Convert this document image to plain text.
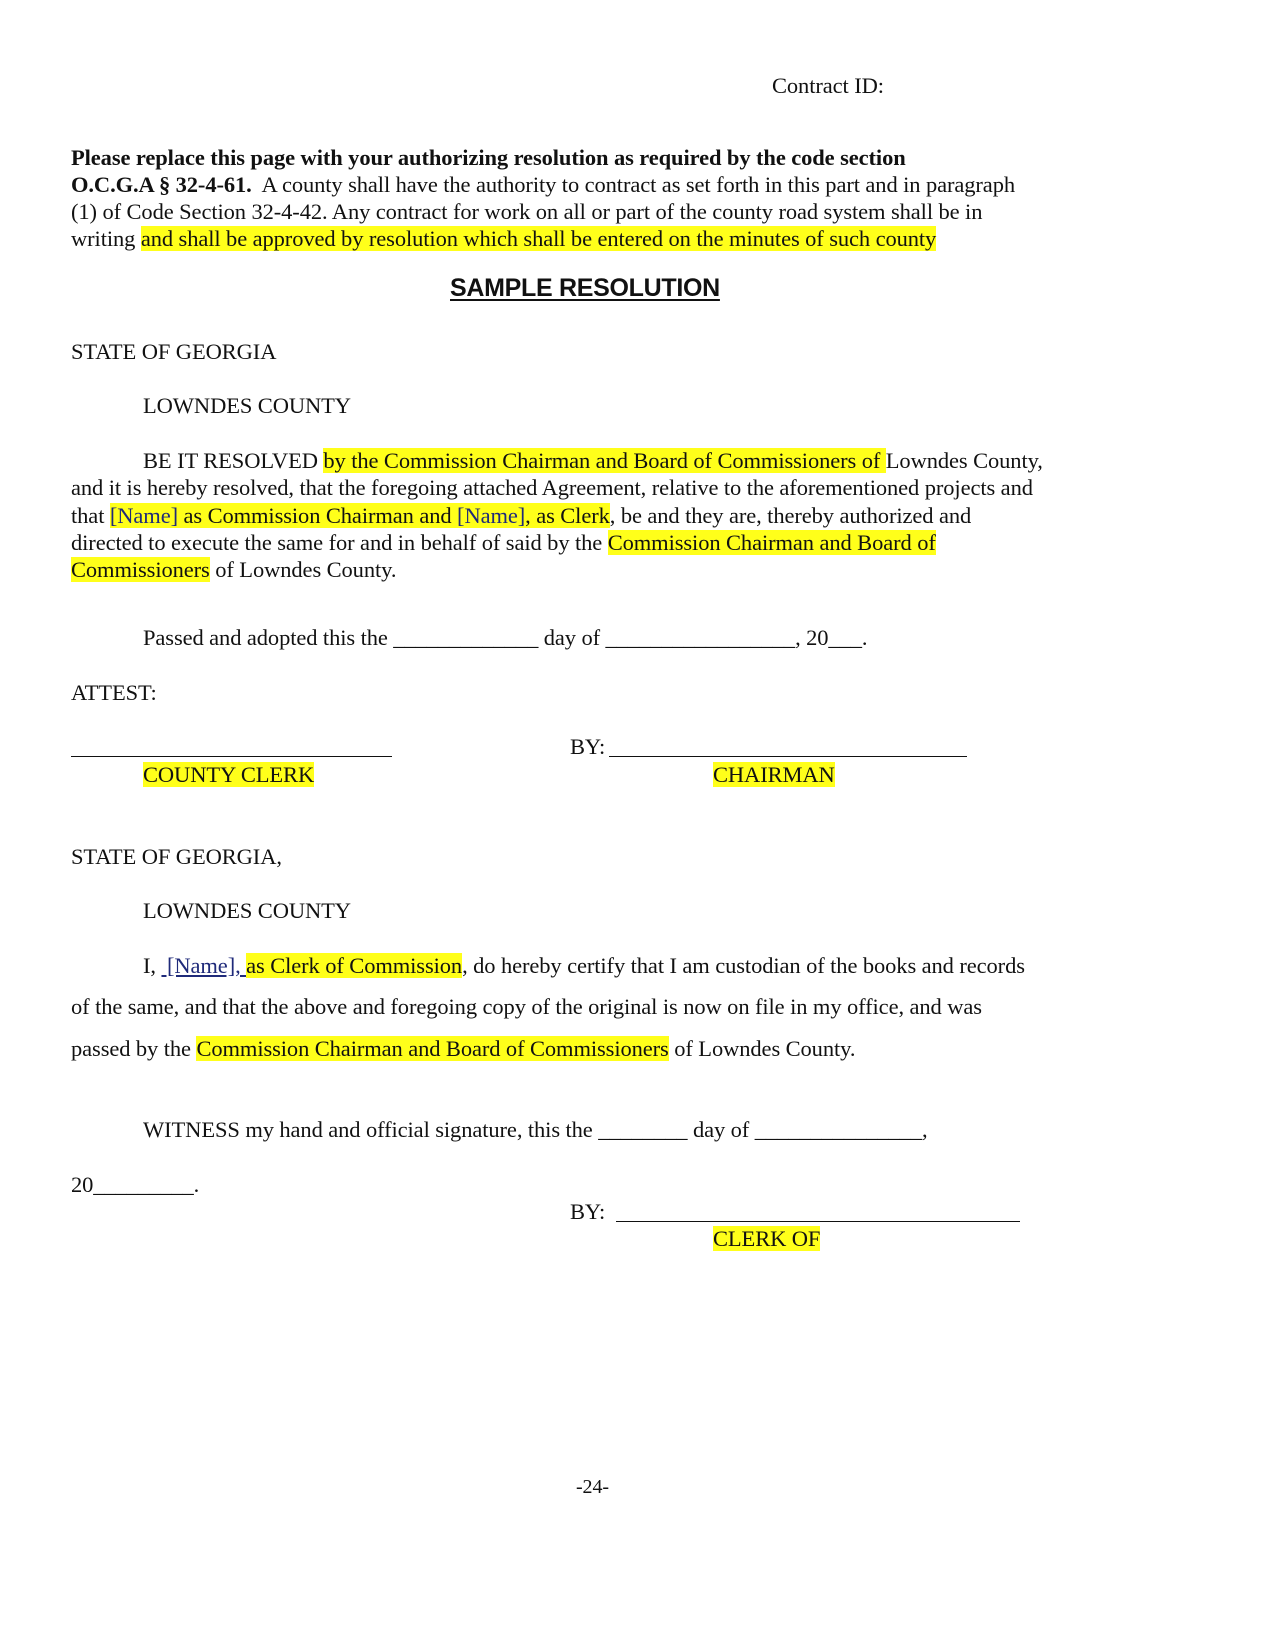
Contract ID:
Please replace this page with your authorizing resolution as required by the code section
O.C.G.A § 32-4-61.  A county shall have the authority to contract as set forth in this part and in paragraph
(1) of Code Section 32-4-42. Any contract for work on all or part of the county road system shall be in
writing and shall be approved by resolution which shall be entered on the minutes of such county
SAMPLE RESOLUTION
STATE OF GEORGIA
LOWNDES COUNTY
BE IT RESOLVED by the Commission Chairman and Board of Commissioners of Lowndes County,
and it is hereby resolved, that the foregoing attached Agreement, relative to the aforementioned projects and
that [Name] as Commission Chairman and [Name], as Clerk, be and they are, thereby authorized and
directed to execute the same for and in behalf of said by the Commission Chairman and Board of
Commissioners of Lowndes County.
Passed and adopted this the _____________ day of _________________, 20___.
ATTEST:
BY:
COUNTY CLERK	CHAIRMAN
STATE OF GEORGIA,
LOWNDES COUNTY
I,  [Name], as Clerk of Commission, do hereby certify that I am custodian of the books and records
of the same, and that the above and foregoing copy of the original is now on file in my office, and was
passed by the Commission Chairman and Board of Commissioners of Lowndes County.
WITNESS my hand and official signature, this the ________ day of _______________,
20_________.
BY:
CLERK OF
-24-
